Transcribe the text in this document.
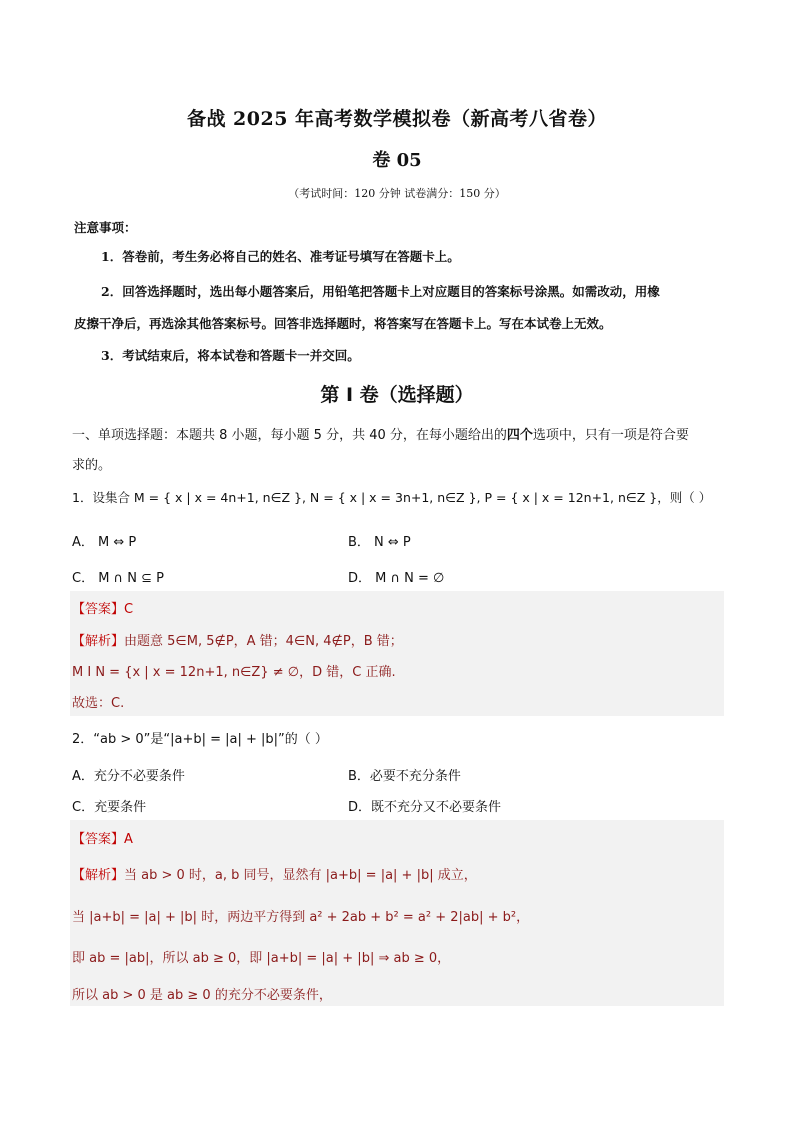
备战 2025 年高考数学模拟卷（新高考八省卷）
卷 05
（考试时间：120 分钟 试卷满分：150 分）
注意事项：
1．答卷前，考生务必将自己的姓名、准考证号填写在答题卡上。
2．回答选择题时，选出每小题答案后，用铅笔把答题卡上对应题目的答案标号涂黑。如需改动，用橡
皮擦干净后，再选涂其他答案标号。回答非选择题时，将答案写在答题卡上。写在本试卷上无效。
3．考试结束后，将本试卷和答题卡一并交回。
第 I 卷（选择题）
一、单项选择题：本题共 8 小题，每小题 5 分，共 40 分，在每小题给出的四个选项中，只有一项是符合要
求的。
1．设集合 M = { x | x = 4n+1, n∈Z }, N = { x | x = 3n+1, n∈Z }, P = { x | x = 12n+1, n∈Z }，则（ ）
A． M ⇔ P	B． N ⇔ P
C． M ∩ N ⊆ P	D． M ∩ N = ∅
【答案】C
【解析】由题意 5∈M, 5∉P，A 错；4∈N, 4∉P，B 错；
M I N = {x | x = 12n+1, n∈Z} ≠ ∅，D 错，C 正确.
故选：C.
2．“ab > 0”是“|a+b| = |a| + |b|”的（ ）
A．充分不必要条件	B．必要不充分条件
C．充要条件	D．既不充分又不必要条件
【答案】A
【解析】当 ab > 0 时，a, b 同号，显然有 |a+b| = |a| + |b| 成立，
当 |a+b| = |a| + |b| 时，两边平方得到 a² + 2ab + b² = a² + 2|ab| + b²，
即 ab = |ab|，所以 ab ≥ 0，即 |a+b| = |a| + |b| ⇒ ab ≥ 0，
所以 ab > 0 是 ab ≥ 0 的充分不必要条件，
